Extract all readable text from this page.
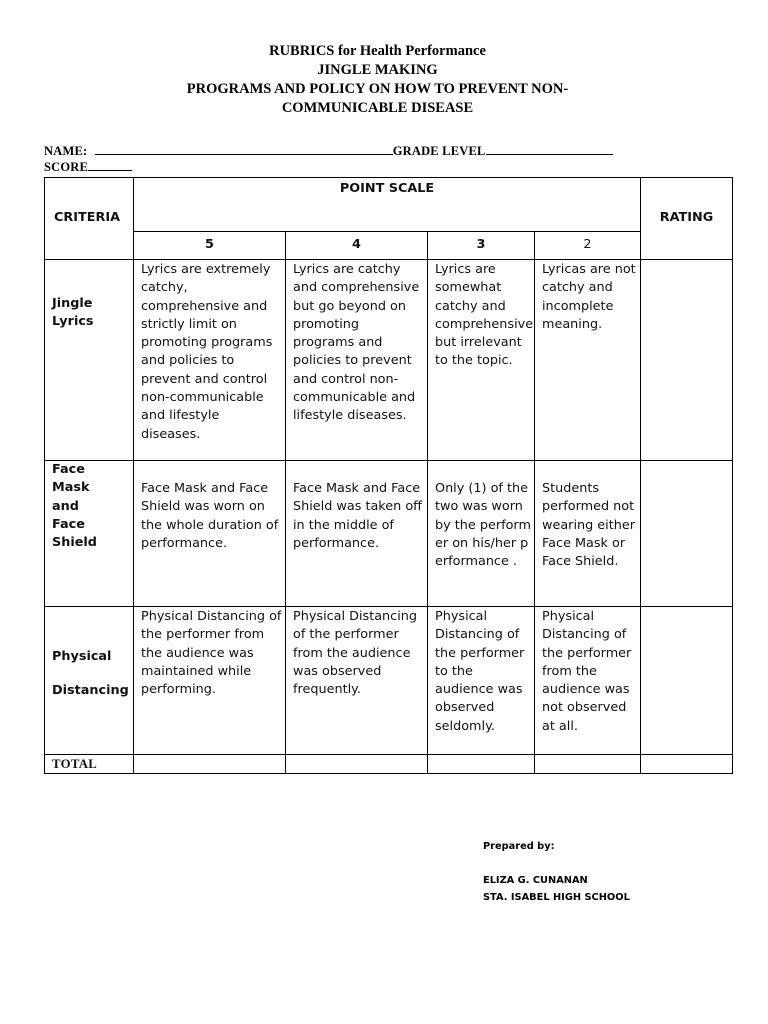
RUBRICS for Health Performance
JINGLE MAKING
PROGRAMS AND POLICY ON HOW TO PREVENT NON-
COMMUNICABLE DISEASE
NAME:	GRADE LEVEL
SCORE
CRITERIA	POINT SCALE				RATING
	5	4	3	2	

Jingle Lyrics	Lyrics are extremely catchy, comprehensive and strictly limit on promoting programs and policies to prevent and control non-communicable and lifestyle diseases.	Lyrics are catchy and comprehensive but go beyond on promoting programs and policies to prevent and control non-communicable and lifestyle diseases.	Lyrics are somewhat catchy and comprehensive but irrelevant to the topic.	Lyricas are not catchy and incomplete meaning.	

Face Mask and Face Shield	Face Mask and Face Shield was worn on the whole duration of performance.	Face Mask and Face Shield was taken off in the middle of performance.	Only (1) of the two was worn by the performer on his/her performance .	Students performed not wearing either Face Mask or Face Shield.	

Physical Distancing	Physical Distancing of the performer from the audience was maintained while performing.	Physical Distancing of the performer from the audience was observed frequently.	Physical Distancing of the performer to the audience was observed seldomly.	Physical Distancing of the performer from the audience was not observed at all.	
TOTAL					
Prepared by:
ELIZA G. CUNANAN
STA. ISABEL HIGH SCHOOL
